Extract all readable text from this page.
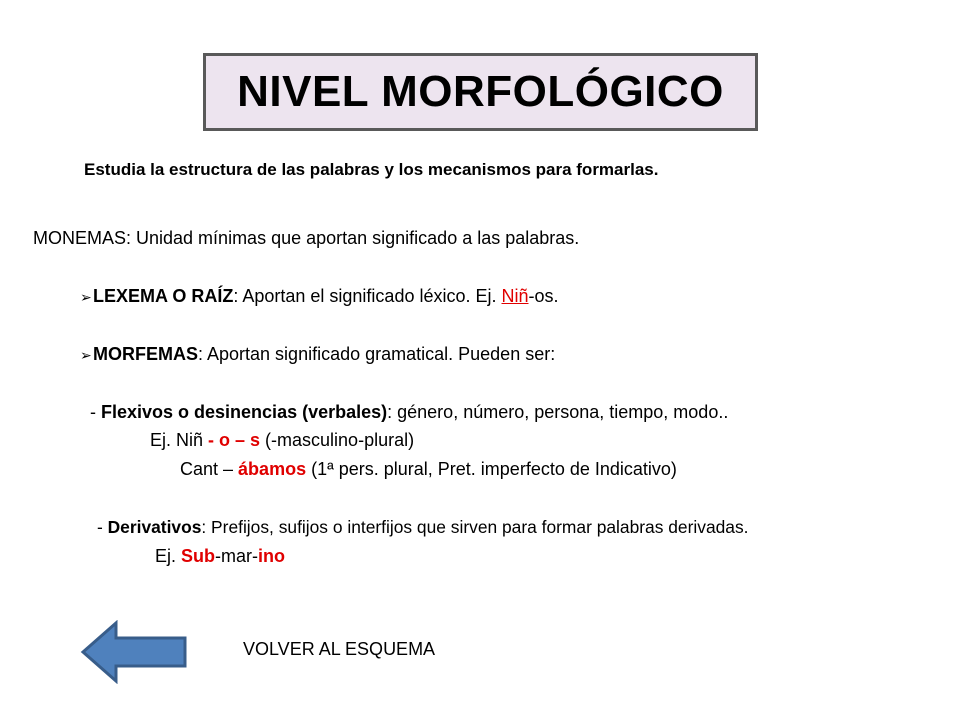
NIVEL MORFOLÓGICO
Estudia la estructura de las palabras y los mecanismos para formarlas.
MONEMAS: Unidad mínimas que aportan significado a las palabras.
➢LEXEMA O RAÍZ: Aportan el significado léxico. Ej. Niñ-os.
➢MORFEMAS: Aportan significado gramatical. Pueden ser:
- Flexivos o desinencias (verbales): género, número, persona, tiempo, modo..
Ej. Niñ - o – s (-masculino-plural)
Cant – ábamos (1ª pers. plural, Pret. imperfecto de Indicativo)
- Derivativos: Prefijos, sufijos o interfijos que sirven para formar palabras derivadas.
Ej. Sub-mar-ino
VOLVER AL ESQUEMA
